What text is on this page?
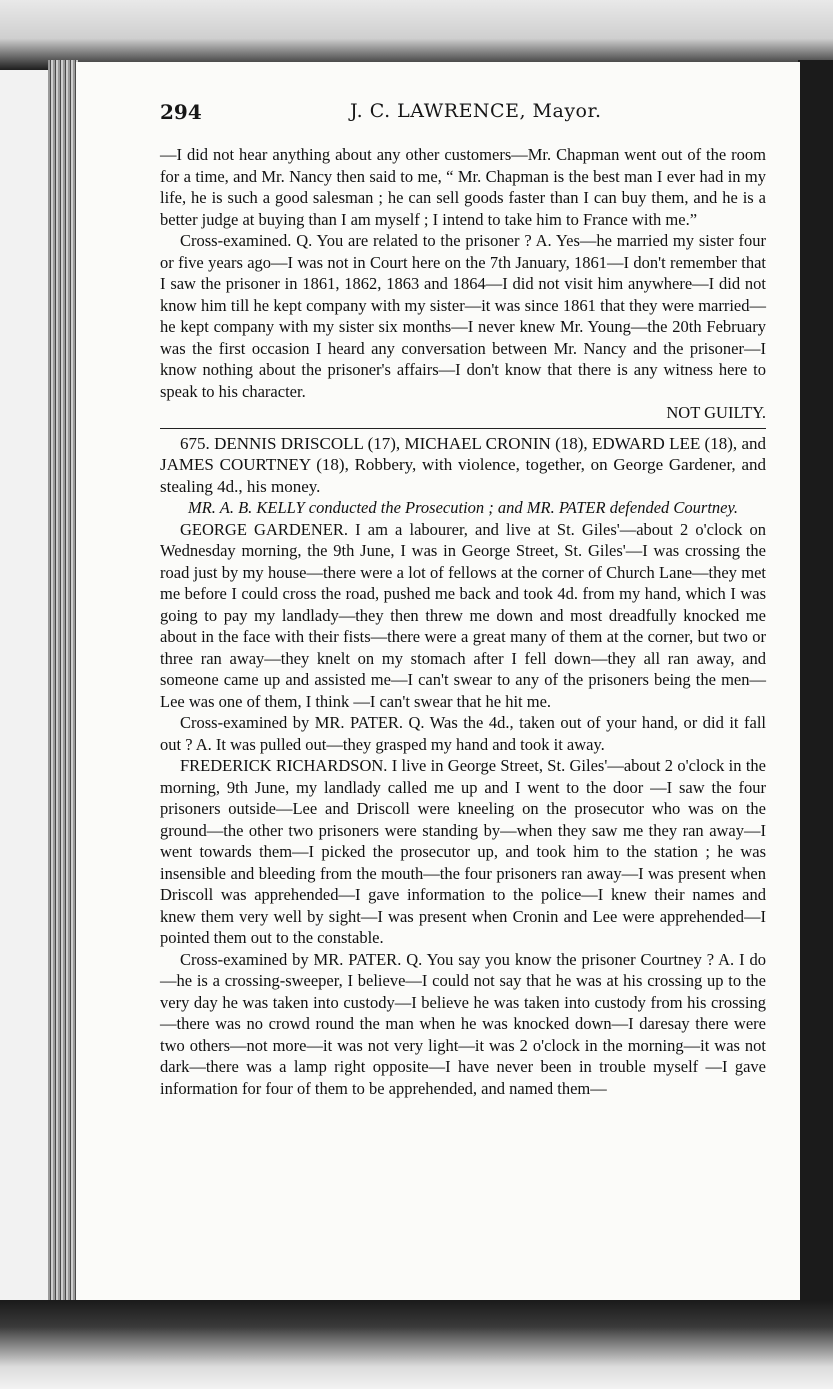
294	J. C. LAWRENCE, Mayor.

—I did not hear anything about any other customers—Mr. Chapman went out of the room for a time, and Mr. Nancy then said to me, “ Mr. Chapman is the best man I ever had in my life, he is such a good salesman ; he can sell goods faster than I can buy them, and he is a better judge at buying than I am myself ; I intend to take him to France with me.”

Cross-examined. Q. You are related to the prisoner ? A. Yes—he married my sister four or five years ago—I was not in Court here on the 7th January, 1861—I don't remember that I saw the prisoner in 1861, 1862, 1863 and 1864—I did not visit him anywhere—I did not know him till he kept company with my sister—it was since 1861 that they were married—he kept company with my sister six months—I never knew Mr. Young—the 20th February was the first occasion I heard any conversation between Mr. Nancy and the prisoner—I know nothing about the prisoner's affairs—I don't know that there is any witness here to speak to his character.

NOT GUILTY.

675. DENNIS DRISCOLL (17), MICHAEL CRONIN (18), EDWARD LEE (18), and JAMES COURTNEY (18), Robbery, with violence, together, on George Gardener, and stealing 4d., his money.

MR. A. B. KELLY conducted the Prosecution ; and MR. PATER defended Courtney.

GEORGE GARDENER. I am a labourer, and live at St. Giles'—about 2 o'clock on Wednesday morning, the 9th June, I was in George Street, St. Giles'—I was crossing the road just by my house—there were a lot of fellows at the corner of Church Lane—they met me before I could cross the road, pushed me back and took 4d. from my hand, which I was going to pay my landlady—they then threw me down and most dreadfully knocked me about in the face with their fists—there were a great many of them at the corner, but two or three ran away—they knelt on my stomach after I fell down—they all ran away, and someone came up and assisted me—I can't swear to any of the prisoners being the men—Lee was one of them, I think —I can't swear that he hit me.

Cross-examined by MR. PATER. Q. Was the 4d., taken out of your hand, or did it fall out ? A. It was pulled out—they grasped my hand and took it away.

FREDERICK RICHARDSON. I live in George Street, St. Giles'—about 2 o'clock in the morning, 9th June, my landlady called me up and I went to the door —I saw the four prisoners outside—Lee and Driscoll were kneeling on the prosecutor who was on the ground—the other two prisoners were standing by—when they saw me they ran away—I went towards them—I picked the prosecutor up, and took him to the station ; he was insensible and bleeding from the mouth—the four prisoners ran away—I was present when Driscoll was apprehended—I gave information to the police—I knew their names and knew them very well by sight—I was present when Cronin and Lee were apprehended—I pointed them out to the constable.

Cross-examined by MR. PATER. Q. You say you know the prisoner Courtney ? A. I do—he is a crossing-sweeper, I believe—I could not say that he was at his crossing up to the very day he was taken into custody—I believe he was taken into custody from his crossing—there was no crowd round the man when he was knocked down—I daresay there were two others—not more—it was not very light—it was 2 o'clock in the morning—it was not dark—there was a lamp right opposite—I have never been in trouble myself —I gave information for four of them to be apprehended, and named them—
